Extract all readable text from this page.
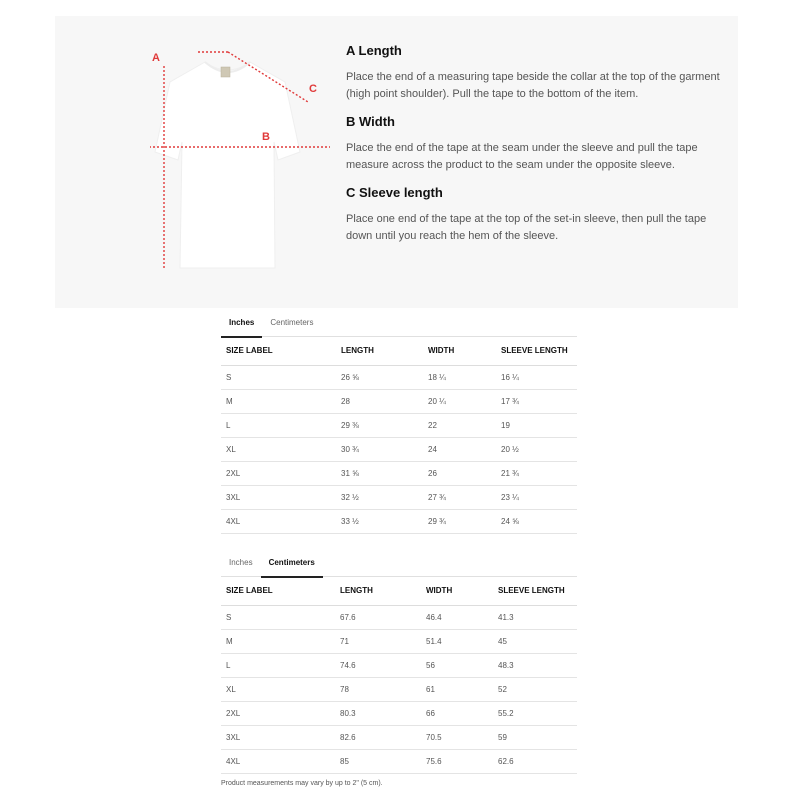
A
B
C
A Length

Place the end of a measuring tape beside the collar at the top of the garment (high point shoulder). Pull the tape to the bottom of the item.

B Width

Place the end of the tape at the seam under the sleeve and pull the tape measure across the product to the seam under the opposite sleeve.

C Sleeve length

Place one end of the tape at the top of the set-in sleeve, then pull the tape down until you reach the hem of the sleeve.

Inches	Centimeters
SIZE LABEL	LENGTH	WIDTH	SLEEVE LENGTH
S	26 ⅝	18 ¼	16 ¼
M	28	20 ¼	17 ¾
L	29 ⅜	22	19
XL	30 ¾	24	20 ½
2XL	31 ⅝	26	21 ¾
3XL	32 ½	27 ¾	23 ¼
4XL	33 ½	29 ¾	24 ⅝
Inches	Centimeters
SIZE LABEL	LENGTH	WIDTH	SLEEVE LENGTH
S	67.6	46.4	41.3
M	71	51.4	45
L	74.6	56	48.3
XL	78	61	52
2XL	80.3	66	55.2
3XL	82.6	70.5	59
4XL	85	75.6	62.6
Product measurements may vary by up to 2" (5 cm).
